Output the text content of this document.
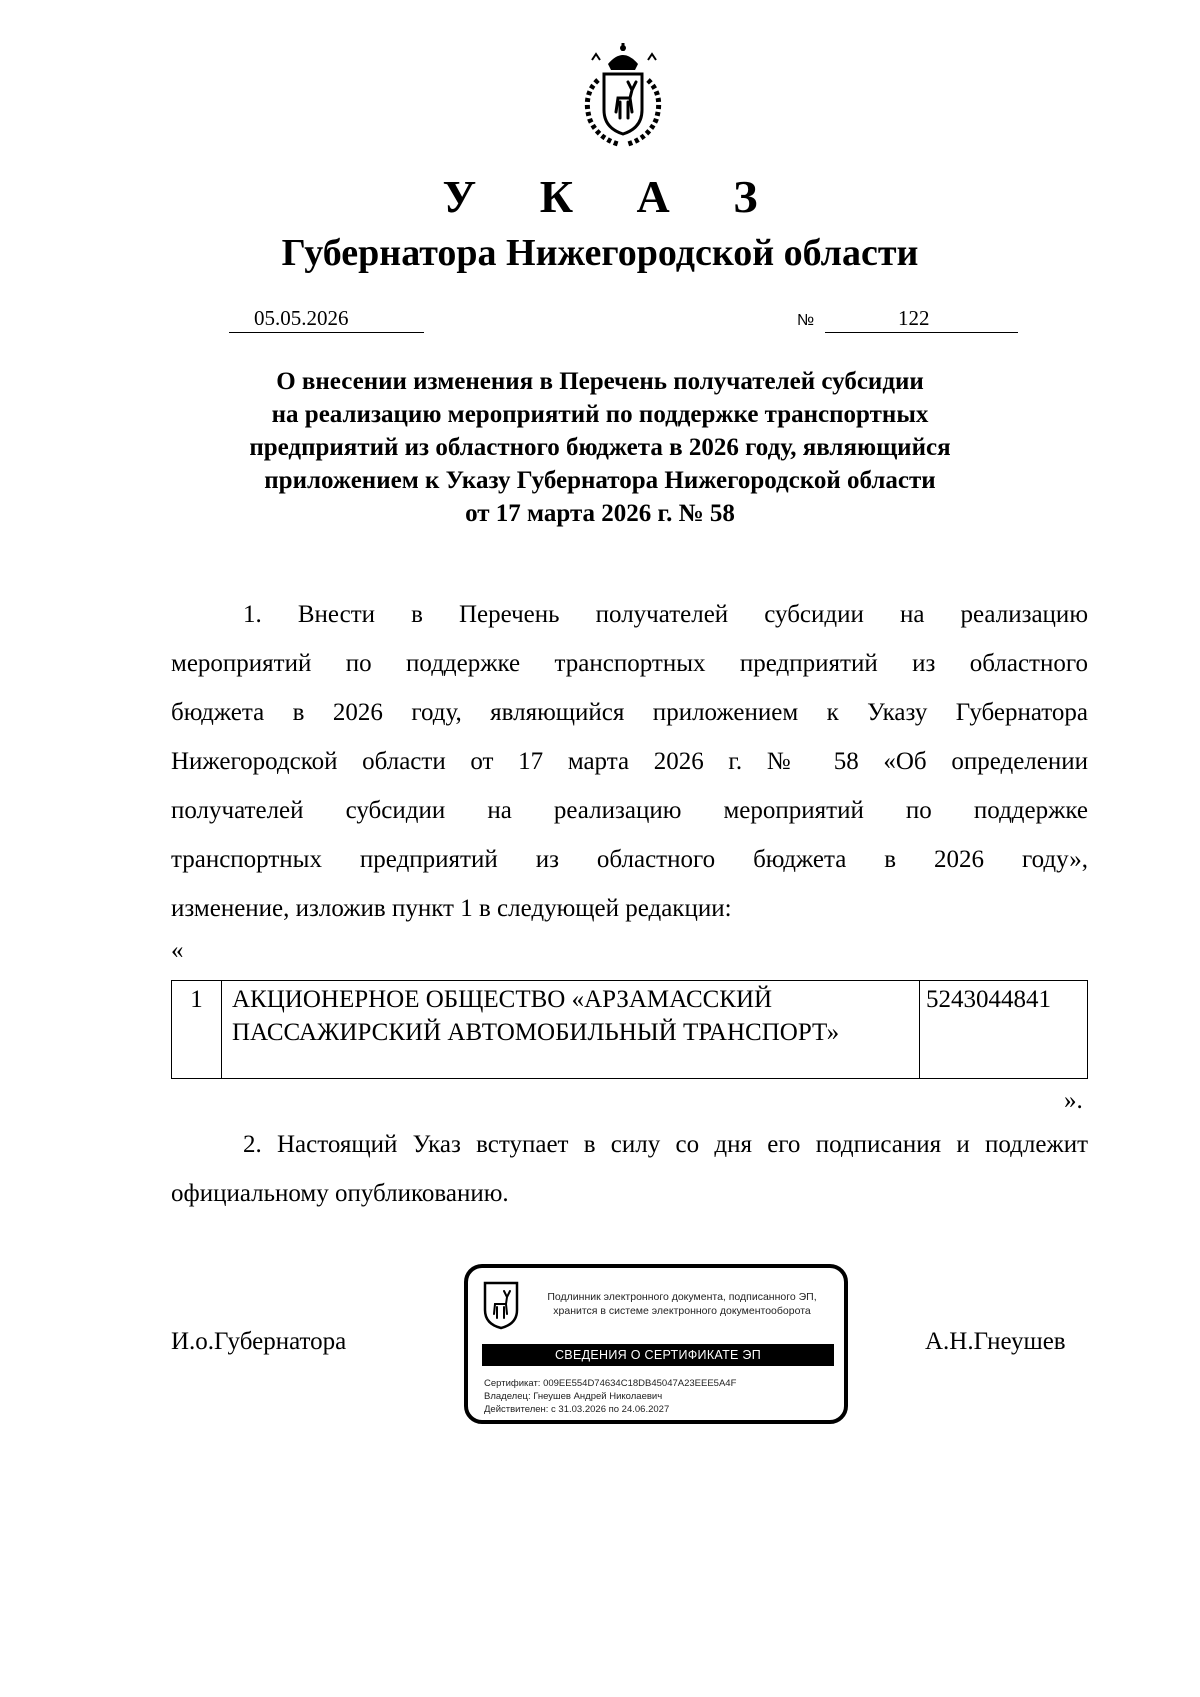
У К А З
Губернатора Нижегородской области
05.05.2026	№	122
О внесении изменения в Перечень получателей субсидии
на реализацию мероприятий по поддержке транспортных
предприятий из областного бюджета в 2026 году, являющийся
приложением к Указу Губернатора Нижегородской области
от 17 марта 2026 г. № 58
1. Внести в Перечень получателей субсидии на реализацию
мероприятий по поддержке транспортных предприятий из областного
бюджета в 2026 году, являющийся приложением к Указу Губернатора
Нижегородской области от 17 марта 2026 г. № 58 «Об определении
получателей субсидии на реализацию мероприятий по поддержке
транспортных предприятий из областного бюджета в 2026 году»,
изменение, изложив пункт 1 в следующей редакции:
«
1	АКЦИОНЕРНОЕ ОБЩЕСТВО «АРЗАМАССКИЙ ПАССАЖИРСКИЙ АВТОМОБИЛЬНЫЙ ТРАНСПОРТ»	5243044841
».
2. Настоящий Указ вступает в силу со дня его подписания и подлежит
официальному опубликованию.
И.о.Губернатора	А.Н.Гнеушев
Подлинник электронного документа, подписанного ЭП,
хранится в системе электронного документооборота
СВЕДЕНИЯ О СЕРТИФИКАТЕ ЭП
Сертификат: 009EE554D74634C18DB45047A23EEE5A4F
Владелец: Гнеушев Андрей Николаевич
Действителен: с 31.03.2026 по 24.06.2027
